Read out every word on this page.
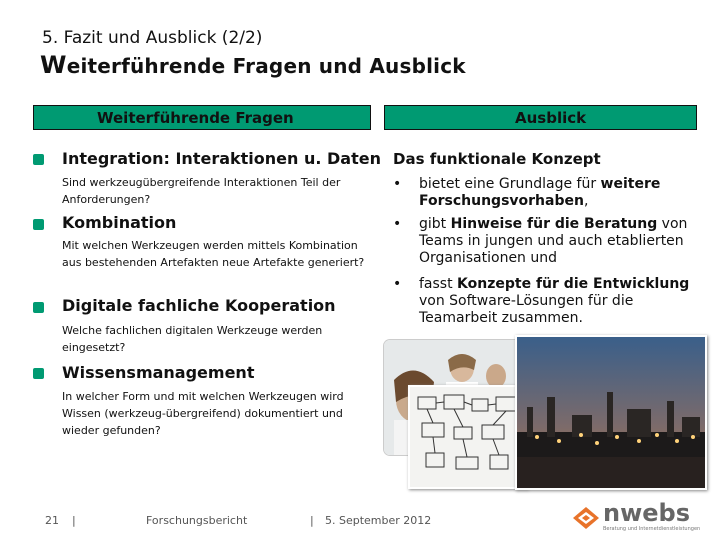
5. Fazit und Ausblick (2/2)
Weiterführende Fragen und Ausblick
Weiterführende Fragen	Ausblick
Integration: Interaktionen u. Daten
Sind werkzeugübergreifende Interaktionen Teil der Anforderungen?
Kombination
Mit welchen Werkzeugen werden mittels Kombination aus bestehenden Artefakten neue Artefakte generiert?
Digitale fachliche Kooperation
Welche fachlichen digitalen Werkzeuge werden eingesetzt?
Wissensmanagement
In welcher Form und mit welchen Werkzeugen wird Wissen (werkzeug-übergreifend) dokumentiert und wieder gefunden?
Das funktionale Konzept
•	bietet eine Grundlage für weitere Forschungsvorhaben,
•	gibt Hinweise für die Beratung von Teams in jungen und auch etablierten Organisationen und
•	fasst Konzepte für die Entwicklung von Software-Lösungen für die Teamarbeit zusammen.
21 |	Forschungsbericht	| 5. September 2012	nwebs
Beratung und Internetdienstleistungen
